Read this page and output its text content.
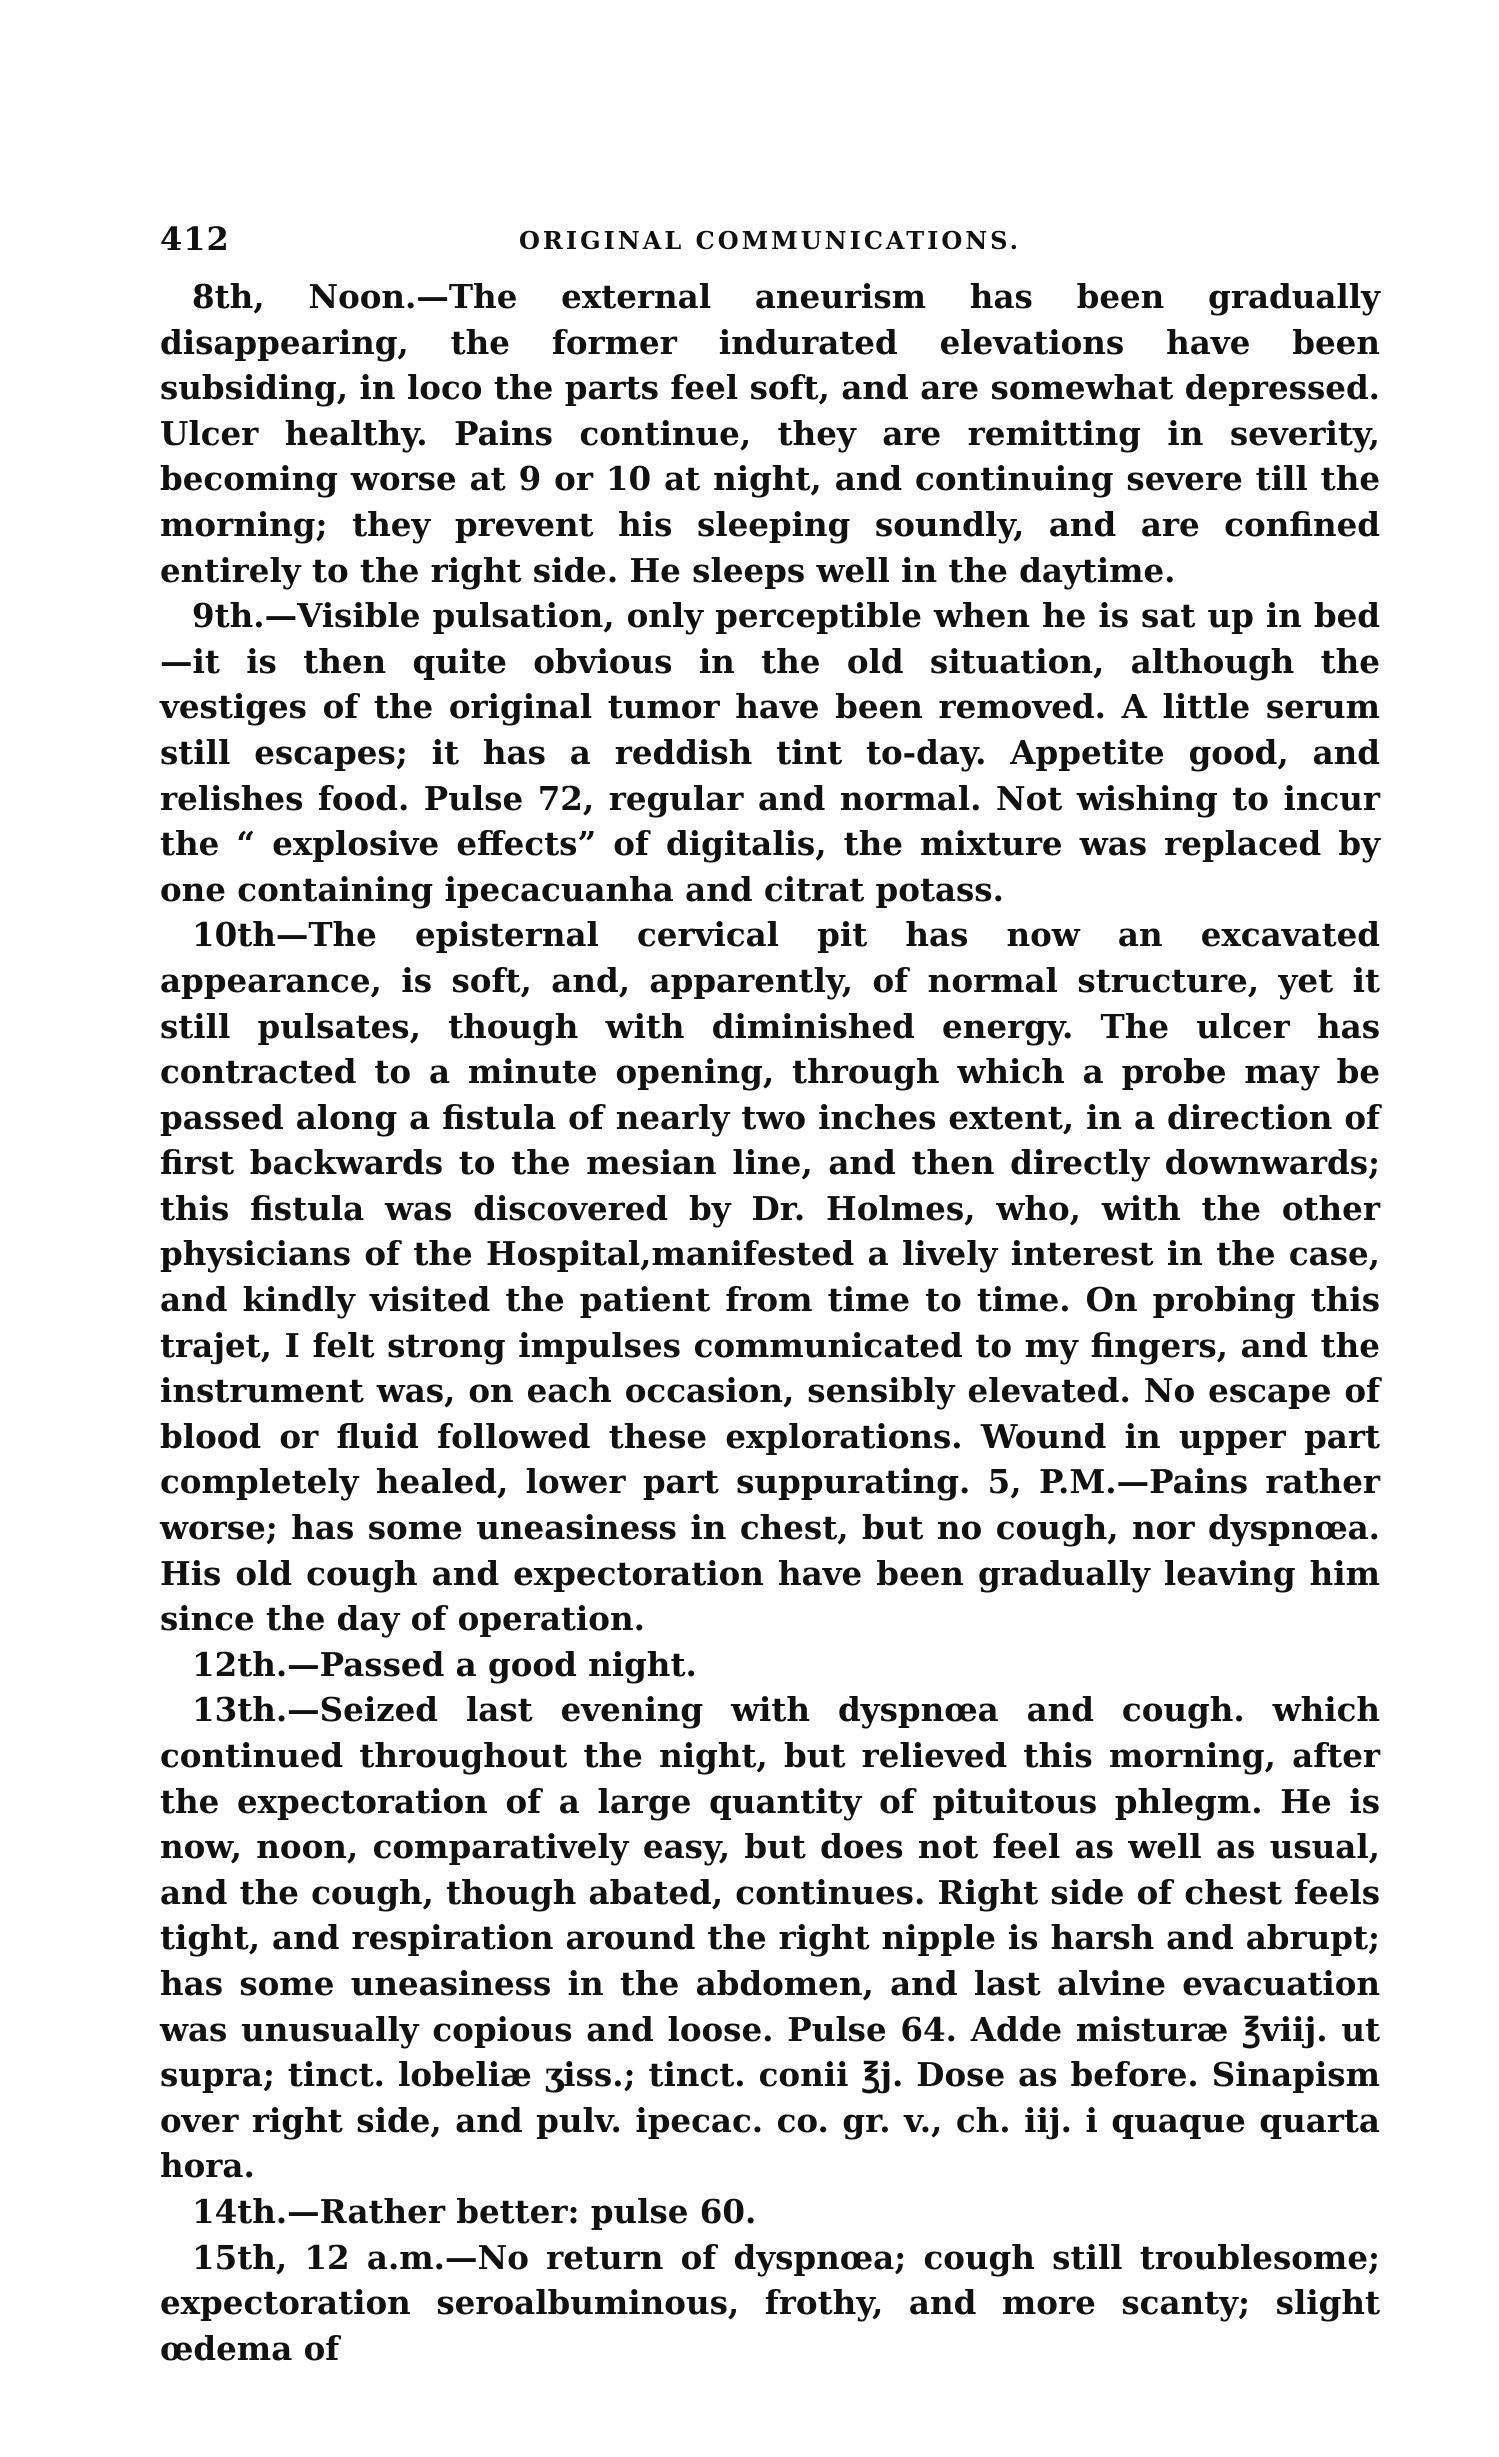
412	ORIGINAL COMMUNICATIONS.

8th, Noon.—The external aneurism has been gradually disappearing, the former indurated elevations have been subsiding, in loco the parts feel soft, and are somewhat depressed. Ulcer healthy. Pains continue, they are remitting in severity, becoming worse at 9 or 10 at night, and continuing severe till the morning; they prevent his sleeping soundly, and are confined entirely to the right side. He sleeps well in the daytime.

9th.—Visible pulsation, only perceptible when he is sat up in bed—it is then quite obvious in the old situation, although the vestiges of the original tumor have been removed. A little serum still escapes; it has a reddish tint to-day. Appetite good, and relishes food. Pulse 72, regular and normal. Not wishing to incur the “ explosive effects” of digitalis, the mixture was replaced by one containing ipecacuanha and citrat potass.

10th—The episternal cervical pit has now an excavated appearance, is soft, and, apparently, of normal structure, yet it still pulsates, though with diminished energy. The ulcer has contracted to a minute opening, through which a probe may be passed along a fistula of nearly two inches extent, in a direction of first backwards to the mesian line, and then directly downwards; this fistula was discovered by Dr. Holmes, who, with the other physicians of the Hospital,manifested a lively interest in the case, and kindly visited the patient from time to time. On probing this trajet, I felt strong impulses communicated to my fingers, and the instrument was, on each occasion, sensibly elevated. No escape of blood or fluid followed these explorations. Wound in upper part completely healed, lower part suppurating. 5, P.M.—Pains rather worse; has some uneasiness in chest, but no cough, nor dyspnœa. His old cough and expectoration have been gradually leaving him since the day of operation.

12th.—Passed a good night.

13th.—Seized last evening with dyspnœa and cough. which continued throughout the night, but relieved this morning, after the expectoration of a large quantity of pituitous phlegm. He is now, noon, comparatively easy, but does not feel as well as usual, and the cough, though abated, continues. Right side of chest feels tight, and respiration around the right nipple is harsh and abrupt; has some uneasiness in the abdomen, and last alvine evacuation was unusually copious and loose. Pulse 64. Adde misturæ ℥viij. ut supra; tinct. lobeliæ ʒiss.; tinct. conii ℥j. Dose as before. Sinapism over right side, and pulv. ipecac. co. gr. v., ch. iij. i quaque quarta hora.

14th.—Rather better: pulse 60.

15th, 12 a.m.—No return of dyspnœa; cough still troublesome; expectoration seroalbuminous, frothy, and more scanty; slight œdema of
